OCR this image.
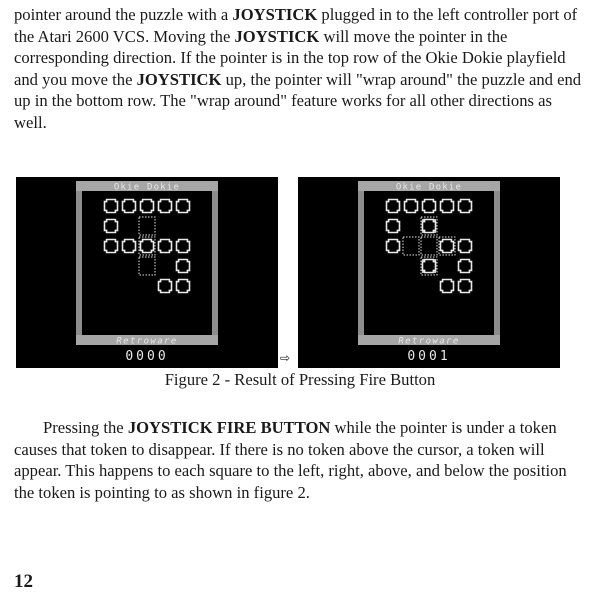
pointer around the puzzle with a JOYSTICK plugged in to the left controller port of the Atari 2600 VCS. Moving the JOYSTICK will move the pointer in the corresponding direction. If the pointer is in the top row of the Okie Dokie playfield and you move the JOYSTICK up, the pointer will "wrap around" the puzzle and end up in the bottom row. The "wrap around" feature works for all other directions as well.

Okie Dokie
Retroware
0000	⇨
Okie Dokie
Retroware
0001
Figure 2 - Result of Pressing Fire Button

Pressing the JOYSTICK FIRE BUTTON while the pointer is under a token causes that token to disappear. If there is no token above the cursor, a token will appear. This happens to each square to the left, right, above, and below the position the token is pointing to as shown in figure 2.

12
